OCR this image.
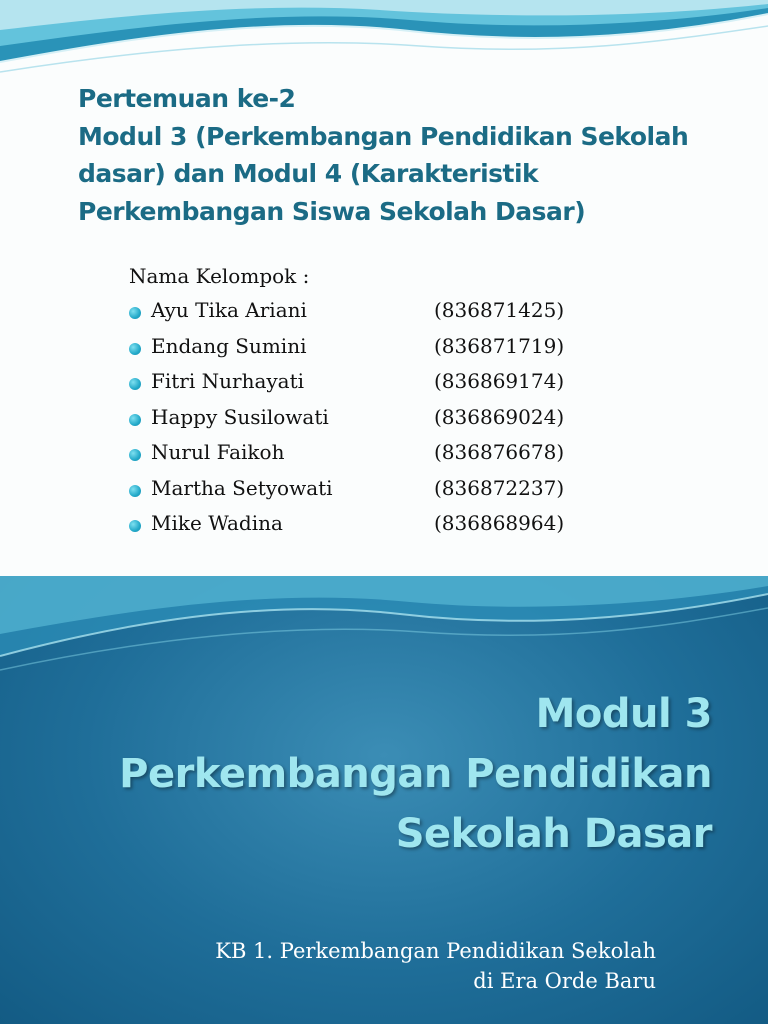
Pertemuan ke-2
Modul 3 (Perkembangan Pendidikan Sekolah
dasar) dan Modul 4 (Karakteristik
Perkembangan Siswa Sekolah Dasar)

Nama Kelompok :

Ayu Tika Ariani	(836871425)
Endang Sumini	(836871719)
Fitri Nurhayati	(836869174)
Happy Susilowati	(836869024)
Nurul Faikoh	(836876678)
Martha Setyowati	(836872237)
Mike Wadina	(836868964)
Modul 3
Perkembangan Pendidikan
Sekolah Dasar

KB 1. Perkembangan Pendidikan Sekolah
di Era Orde Baru
